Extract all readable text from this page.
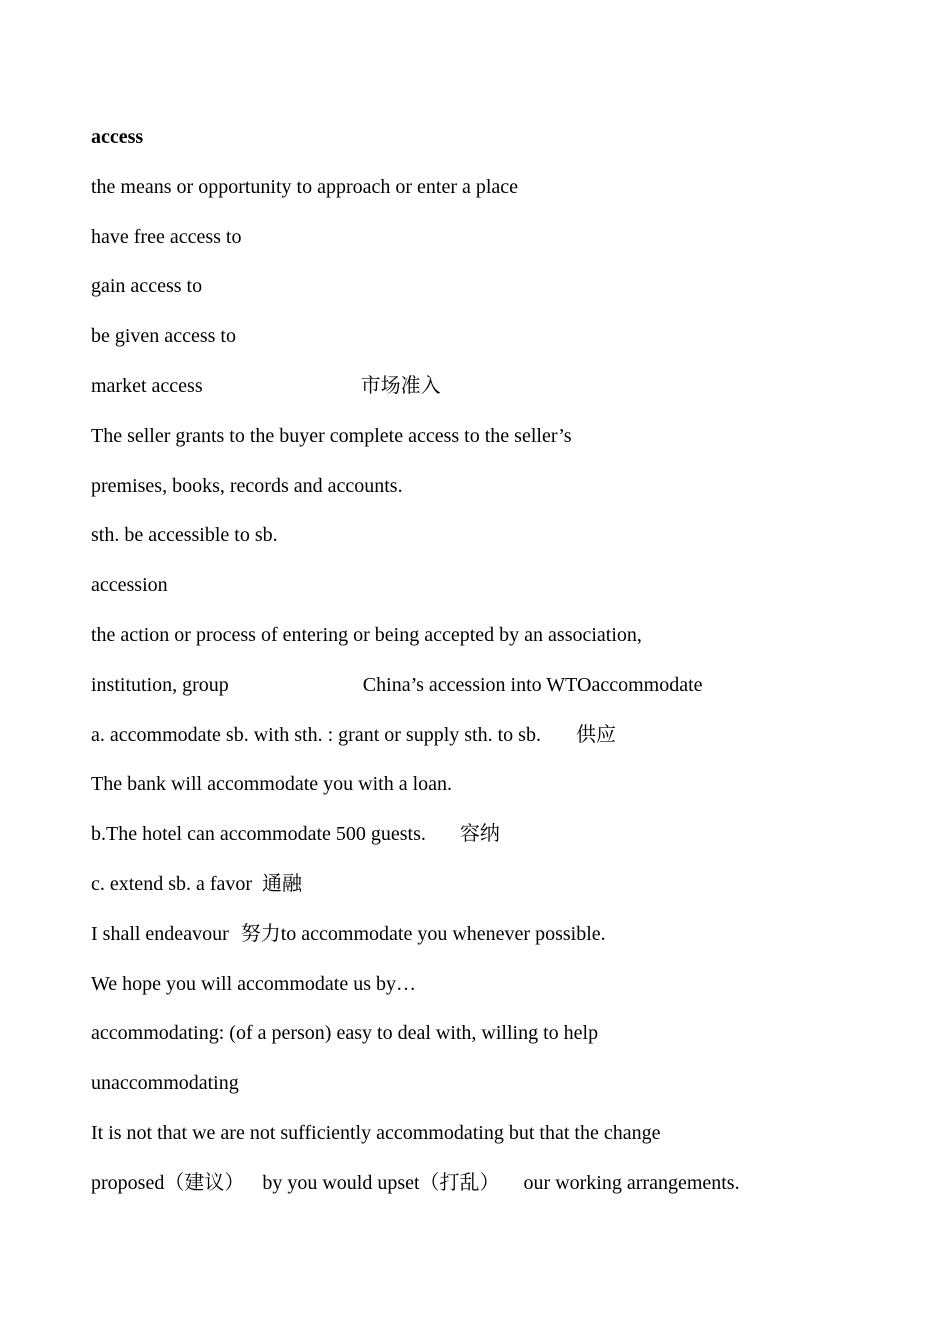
access
the means or opportunity to approach or enter a place
have free access to
gain access to
be given access to
market access	市场准入
The seller grants to the buyer complete access to the seller’s
premises, books, records and accounts.
sth. be accessible to sb.
accession
the action or process of entering or being accepted by an association,
institution, group	China’s accession into WTOaccommodate
a. accommodate sb. with sth. : grant or supply sth. to sb. 供应
The bank will accommodate you with a loan.
b.The hotel can accommodate 500 guests. 容纳
c. extend sb. a favor 通融
I shall endeavour 努力to accommodate you whenever possible.
We hope you will accommodate us by…
accommodating: (of a person) easy to deal with, willing to help
unaccommodating
It is not that we are not sufficiently accommodating but that the change
proposed（建议） by you would upset（打乱） our working arrangements.
